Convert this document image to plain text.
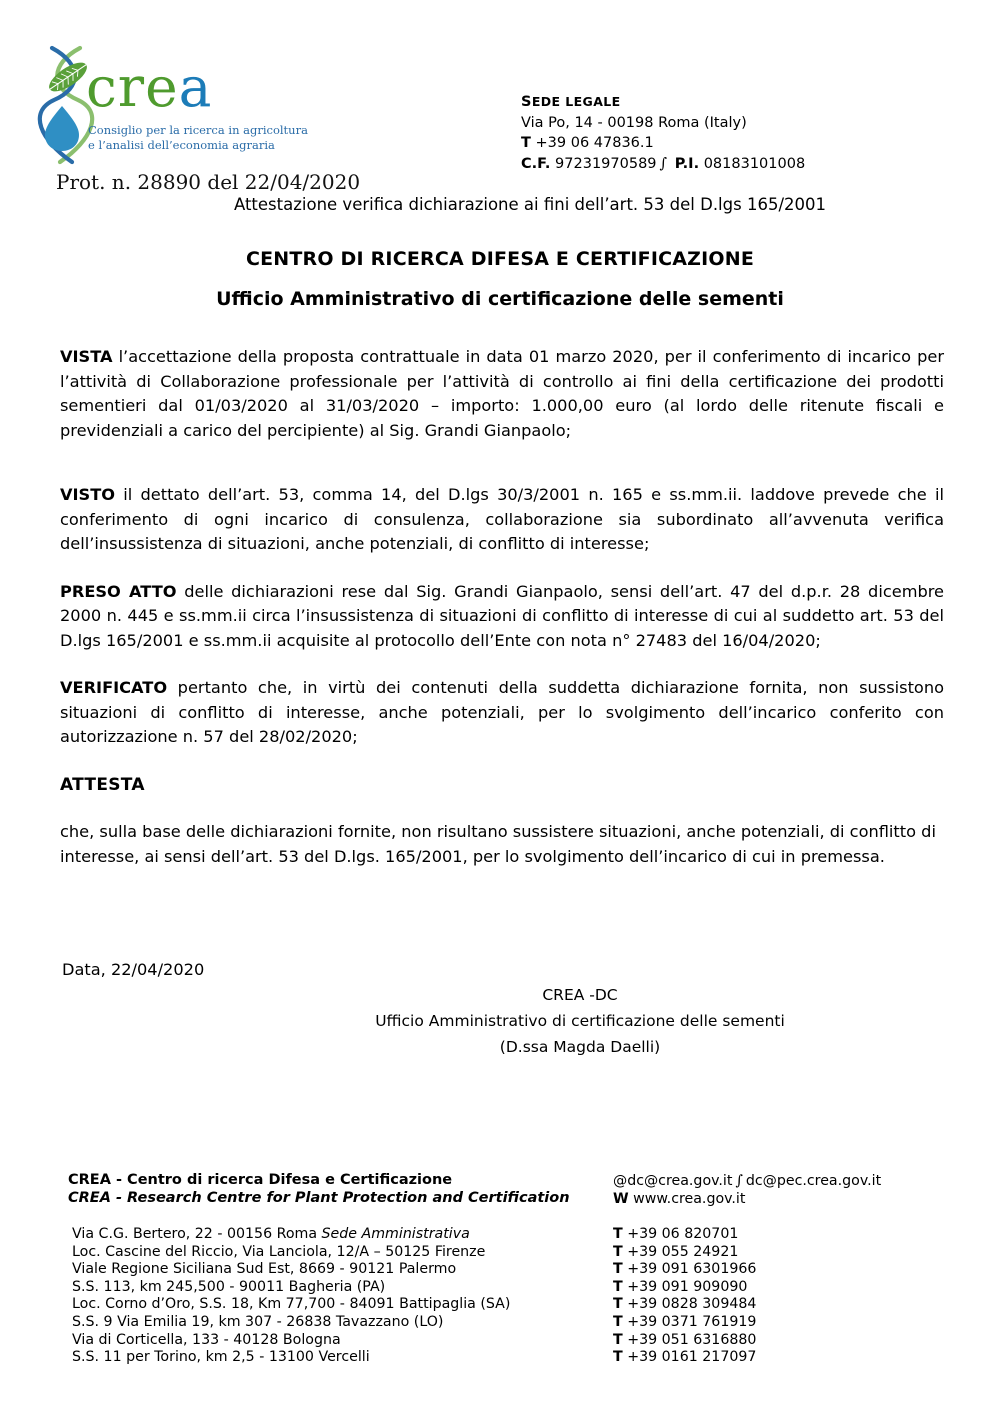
crea
Consiglio per la ricerca in agricoltura
e l’analisi dell’economia agraria
SEDE LEGALE
Via Po, 14 - 00198 Roma (Italy)
T +39 06 47836.1
C.F. 97231970589 ∫ P.I. 08183101008
Prot. n. 28890 del 22/04/2020
Attestazione verifica dichiarazione ai fini dell’art. 53 del D.lgs 165/2001
CENTRO DI RICERCA DIFESA E CERTIFICAZIONE
Ufficio Amministrativo di certificazione delle sementi

VISTA l’accettazione della proposta contrattuale in data 01 marzo 2020, per il conferimento di incarico per l’attività di Collaborazione professionale per l’attività di controllo ai fini della certificazione dei prodotti sementieri dal 01/03/2020 al 31/03/2020 – importo: 1.000,00 euro (al lordo delle ritenute fiscali e previdenziali a carico del percipiente) al Sig. Grandi Gianpaolo;

VISTO il dettato dell’art. 53, comma 14, del D.lgs 30/3/2001 n. 165 e ss.mm.ii. laddove prevede che il conferimento di ogni incarico di consulenza, collaborazione sia subordinato all’avvenuta verifica dell’insussistenza di situazioni, anche potenziali, di conflitto di interesse;

PRESO ATTO delle dichiarazioni rese dal Sig. Grandi Gianpaolo, sensi dell’art. 47 del d.p.r. 28 dicembre 2000 n. 445 e ss.mm.ii circa l’insussistenza di situazioni di conflitto di interesse di cui al suddetto art. 53 del D.lgs 165/2001 e ss.mm.ii acquisite al protocollo dell’Ente con nota n° 27483 del 16/04/2020;

VERIFICATO pertanto che, in virtù dei contenuti della suddetta dichiarazione fornita, non sussistono situazioni di conflitto di interesse, anche potenziali, per lo svolgimento dell’incarico conferito con autorizzazione n. 57 del 28/02/2020;

ATTESTA

che, sulla base delle dichiarazioni fornite, non risultano sussistere situazioni, anche potenziali, di conflitto di interesse, ai sensi dell’art. 53 del D.lgs. 165/2001, per lo svolgimento dell’incarico di cui in premessa.

Data, 22/04/2020
CREA -DC
Ufficio Amministrativo di certificazione delle sementi
(D.ssa Magda Daelli)
CREA - Centro di ricerca Difesa e Certificazione
CREA - Research Centre for Plant Protection and Certification
@dc@crea.gov.it ∫ dc@pec.crea.gov.it
W www.crea.gov.it
Via C.G. Bertero, 22 - 00156 Roma Sede Amministrativa	T +39 06 820701
Loc. Cascine del Riccio, Via Lanciola, 12/A – 50125 Firenze	T +39 055 24921
Viale Regione Siciliana Sud Est, 8669 - 90121 Palermo	T +39 091 6301966
S.S. 113, km 245,500 - 90011 Bagheria (PA)	T +39 091 909090
Loc. Corno d’Oro, S.S. 18, Km 77,700 - 84091 Battipaglia (SA)	T +39 0828 309484
S.S. 9 Via Emilia 19, km 307 - 26838 Tavazzano (LO)	T +39 0371 761919
Via di Corticella, 133 - 40128 Bologna	T +39 051 6316880
S.S. 11 per Torino, km 2,5 - 13100 Vercelli	T +39 0161 217097
